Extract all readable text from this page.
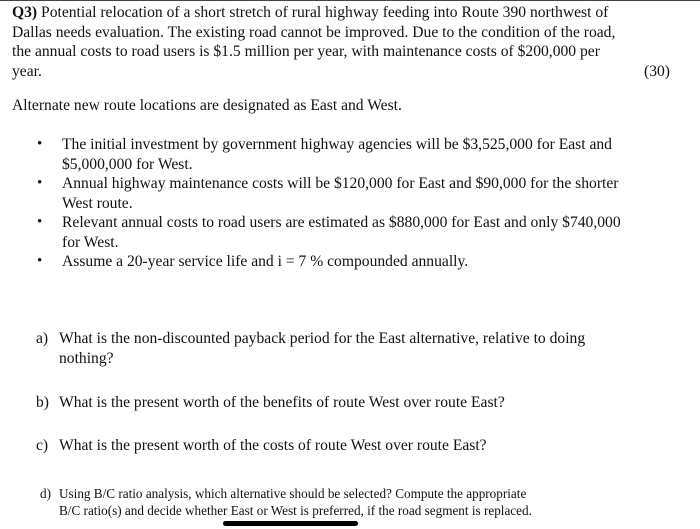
Q3) Potential relocation of a short stretch of rural highway feeding into Route 390 northwest of
Dallas needs evaluation. The existing road cannot be improved. Due to the condition of the road,
the annual costs to road users is $1.5 million per year, with maintenance costs of $200,000 per
year.	(30)
Alternate new route locations are designated as East and West.
• The initial investment by government highway agencies will be $3,525,000 for East and
$5,000,000 for West.
• Annual highway maintenance costs will be $120,000 for East and $90,000 for the shorter
West route.
• Relevant annual costs to road users are estimated as $880,000 for East and only $740,000
for West.
• Assume a 20-year service life and i = 7 % compounded annually.
a) What is the non-discounted payback period for the East alternative, relative to doing
nothing?
b) What is the present worth of the benefits of route West over route East?
c) What is the present worth of the costs of route West over route East?
d) Using B/C ratio analysis, which alternative should be selected? Compute the appropriate
B/C ratio(s) and decide whether East or West is preferred, if the road segment is replaced.
